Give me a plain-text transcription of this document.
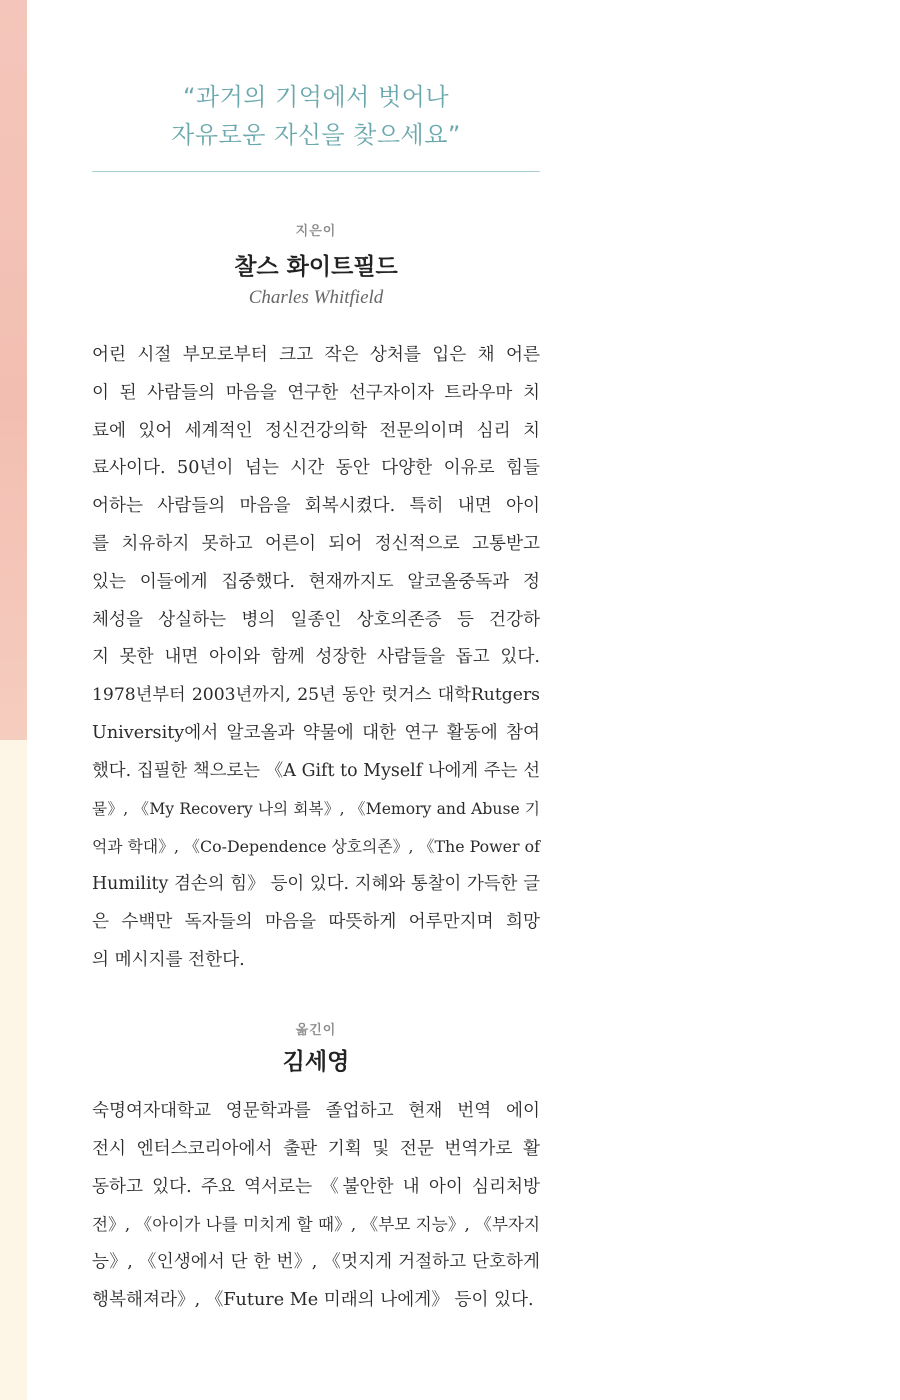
“과거의 기억에서 벗어나
자유로운 자신을 찾으세요”
지은이
찰스 화이트필드
Charles Whitfield
어린 시절 부모로부터 크고 작은 상처를 입은 채 어른
이 된 사람들의 마음을 연구한 선구자이자 트라우마 치
료에 있어 세계적인 정신건강의학 전문의이며 심리 치
료사이다. 50년이 넘는 시간 동안 다양한 이유로 힘들
어하는 사람들의 마음을 회복시켰다. 특히 내면 아이
를 치유하지 못하고 어른이 되어 정신적으로 고통받고
있는 이들에게 집중했다. 현재까지도 알코올중독과 정
체성을 상실하는 병의 일종인 상호의존증 등 건강하
지 못한 내면 아이와 함께 성장한 사람들을 돕고 있다.
1978년부터 2003년까지, 25년 동안 럿거스 대학Rutgers
University에서 알코올과 약물에 대한 연구 활동에 참여
했다. 집필한 책으로는 《A Gift to Myself 나에게 주는 선
물》, 《My Recovery 나의 회복》, 《Memory and Abuse 기
억과 학대》, 《Co-Dependence 상호의존》, 《The Power of
Humility 겸손의 힘》 등이 있다. 지혜와 통찰이 가득한 글
은 수백만 독자들의 마음을 따뜻하게 어루만지며 희망
의 메시지를 전한다.
옮긴이
김세영
숙명여자대학교 영문학과를 졸업하고 현재 번역 에이
전시 엔터스코리아에서 출판 기획 및 전문 번역가로 활
동하고 있다. 주요 역서로는 《불안한 내 아이 심리처방
전》, 《아이가 나를 미치게 할 때》, 《부모 지능》, 《부자지
능》, 《인생에서 단 한 번》, 《멋지게 거절하고 단호하게
행복해져라》, 《Future Me 미래의 나에게》 등이 있다.
